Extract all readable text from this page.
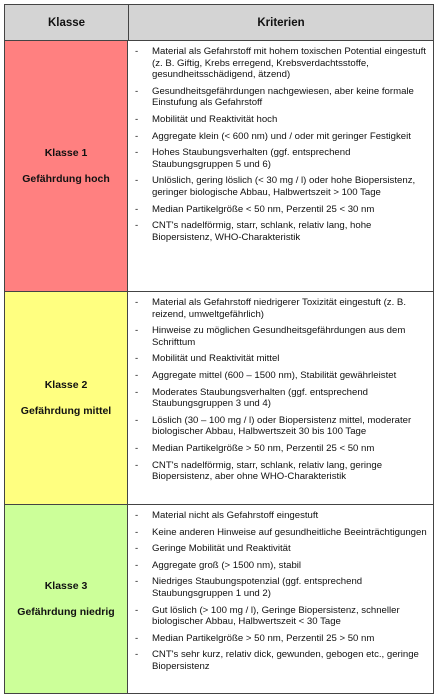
Klasse	Kriterien
Klasse 1
Gefährdung hoch
- Material als Gefahrstoff mit hohem toxischen Potential eingestuft (z. B. Giftig, Krebs erregend, Krebsverdachtsstoffe, gesundheitsschädigend, ätzend)
- Gesundheitsgefährdungen nachgewiesen, aber keine formale Einstufung als Gefahrstoff
- Mobilität und Reaktivität hoch
- Aggregate klein (< 600 nm) und / oder mit geringer Festigkeit
- Hohes Staubungsverhalten (ggf. entsprechend Staubungsgruppen 5 und 6)
- Unlöslich, gering löslich (< 30 mg / l) oder hohe Biopersistenz, geringer biologische Abbau, Halbwertszeit > 100 Tage
- Median Partikelgröße < 50 nm, Perzentil 25 < 30 nm
- CNT's nadelförmig, starr, schlank, relativ lang, hohe Biopersistenz, WHO-Charakteristik
Klasse 2
Gefährdung mittel
- Material als Gefahrstoff niedrigerer Toxizität eingestuft (z. B. reizend, umweltgefährlich)
- Hinweise zu möglichen Gesundheitsgefährdungen aus dem Schrifttum
- Mobilität und Reaktivität mittel
- Aggregate mittel (600 – 1500 nm), Stabilität gewährleistet
- Moderates Staubungsverhalten (ggf. entsprechend Staubungsgruppen 3 und 4)
- Löslich (30 – 100 mg / l) oder Biopersistenz mittel, moderater biologischer Abbau, Halbwertszeit 30 bis 100 Tage
- Median Partikelgröße > 50 nm, Perzentil 25 < 50 nm
- CNT's nadelförmig, starr, schlank, relativ lang, geringe Biopersistenz, aber ohne WHO-Charakteristik
Klasse 3
Gefährdung niedrig
- Material nicht als Gefahrstoff eingestuft
- Keine anderen Hinweise auf gesundheitliche Beeinträchtigungen
- Geringe Mobilität und Reaktivität
- Aggregate groß (> 1500 nm), stabil
- Niedriges Staubungspotenzial (ggf. entsprechend Staubungsgruppen 1 und 2)
- Gut löslich (> 100 mg / l), Geringe Biopersistenz, schneller biologischer Abbau, Halbwertszeit < 30 Tage
- Median Partikelgröße > 50 nm, Perzentil 25 > 50 nm
- CNT's sehr kurz, relativ dick, gewunden, gebogen etc., geringe Biopersistenz
